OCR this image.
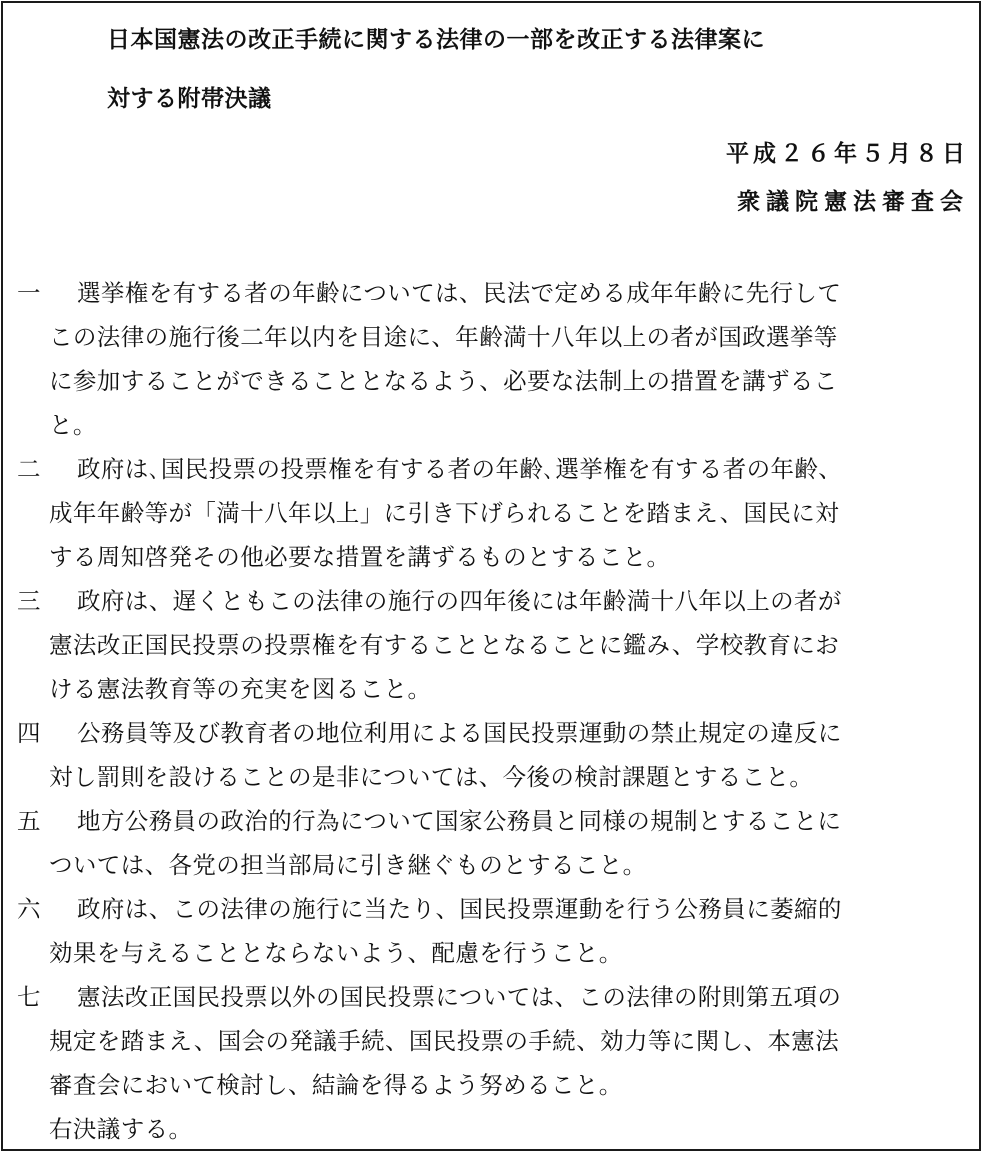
日本国憲法の改正手続に関する法律の一部を改正する法律案に
対する附帯決議
平成２６年５月８日
衆議院憲法審査会
一	選挙権を有する者の年齢については、民法で定める成年年齢に先行して
この法律の施行後二年以内を目途に、年齢満十八年以上の者が国政選挙等
に参加することができることとなるよう、必要な法制上の措置を講ずるこ
と。
二	政府は､国民投票の投票権を有する者の年齢､選挙権を有する者の年齢、
成年年齢等が「満十八年以上」に引き下げられることを踏まえ、国民に対
する周知啓発その他必要な措置を講ずるものとすること。
三	政府は、遅くともこの法律の施行の四年後には年齢満十八年以上の者が
憲法改正国民投票の投票権を有することとなることに鑑み、学校教育にお
ける憲法教育等の充実を図ること。
四	公務員等及び教育者の地位利用による国民投票運動の禁止規定の違反に
対し罰則を設けることの是非については、今後の検討課題とすること。
五	地方公務員の政治的行為について国家公務員と同様の規制とすることに
ついては、各党の担当部局に引き継ぐものとすること。
六	政府は、この法律の施行に当たり、国民投票運動を行う公務員に萎縮的
効果を与えることとならないよう、配慮を行うこと。
七	憲法改正国民投票以外の国民投票については、この法律の附則第五項の
規定を踏まえ、国会の発議手続、国民投票の手続、効力等に関し、本憲法
審査会において検討し、結論を得るよう努めること。
右決議する。
